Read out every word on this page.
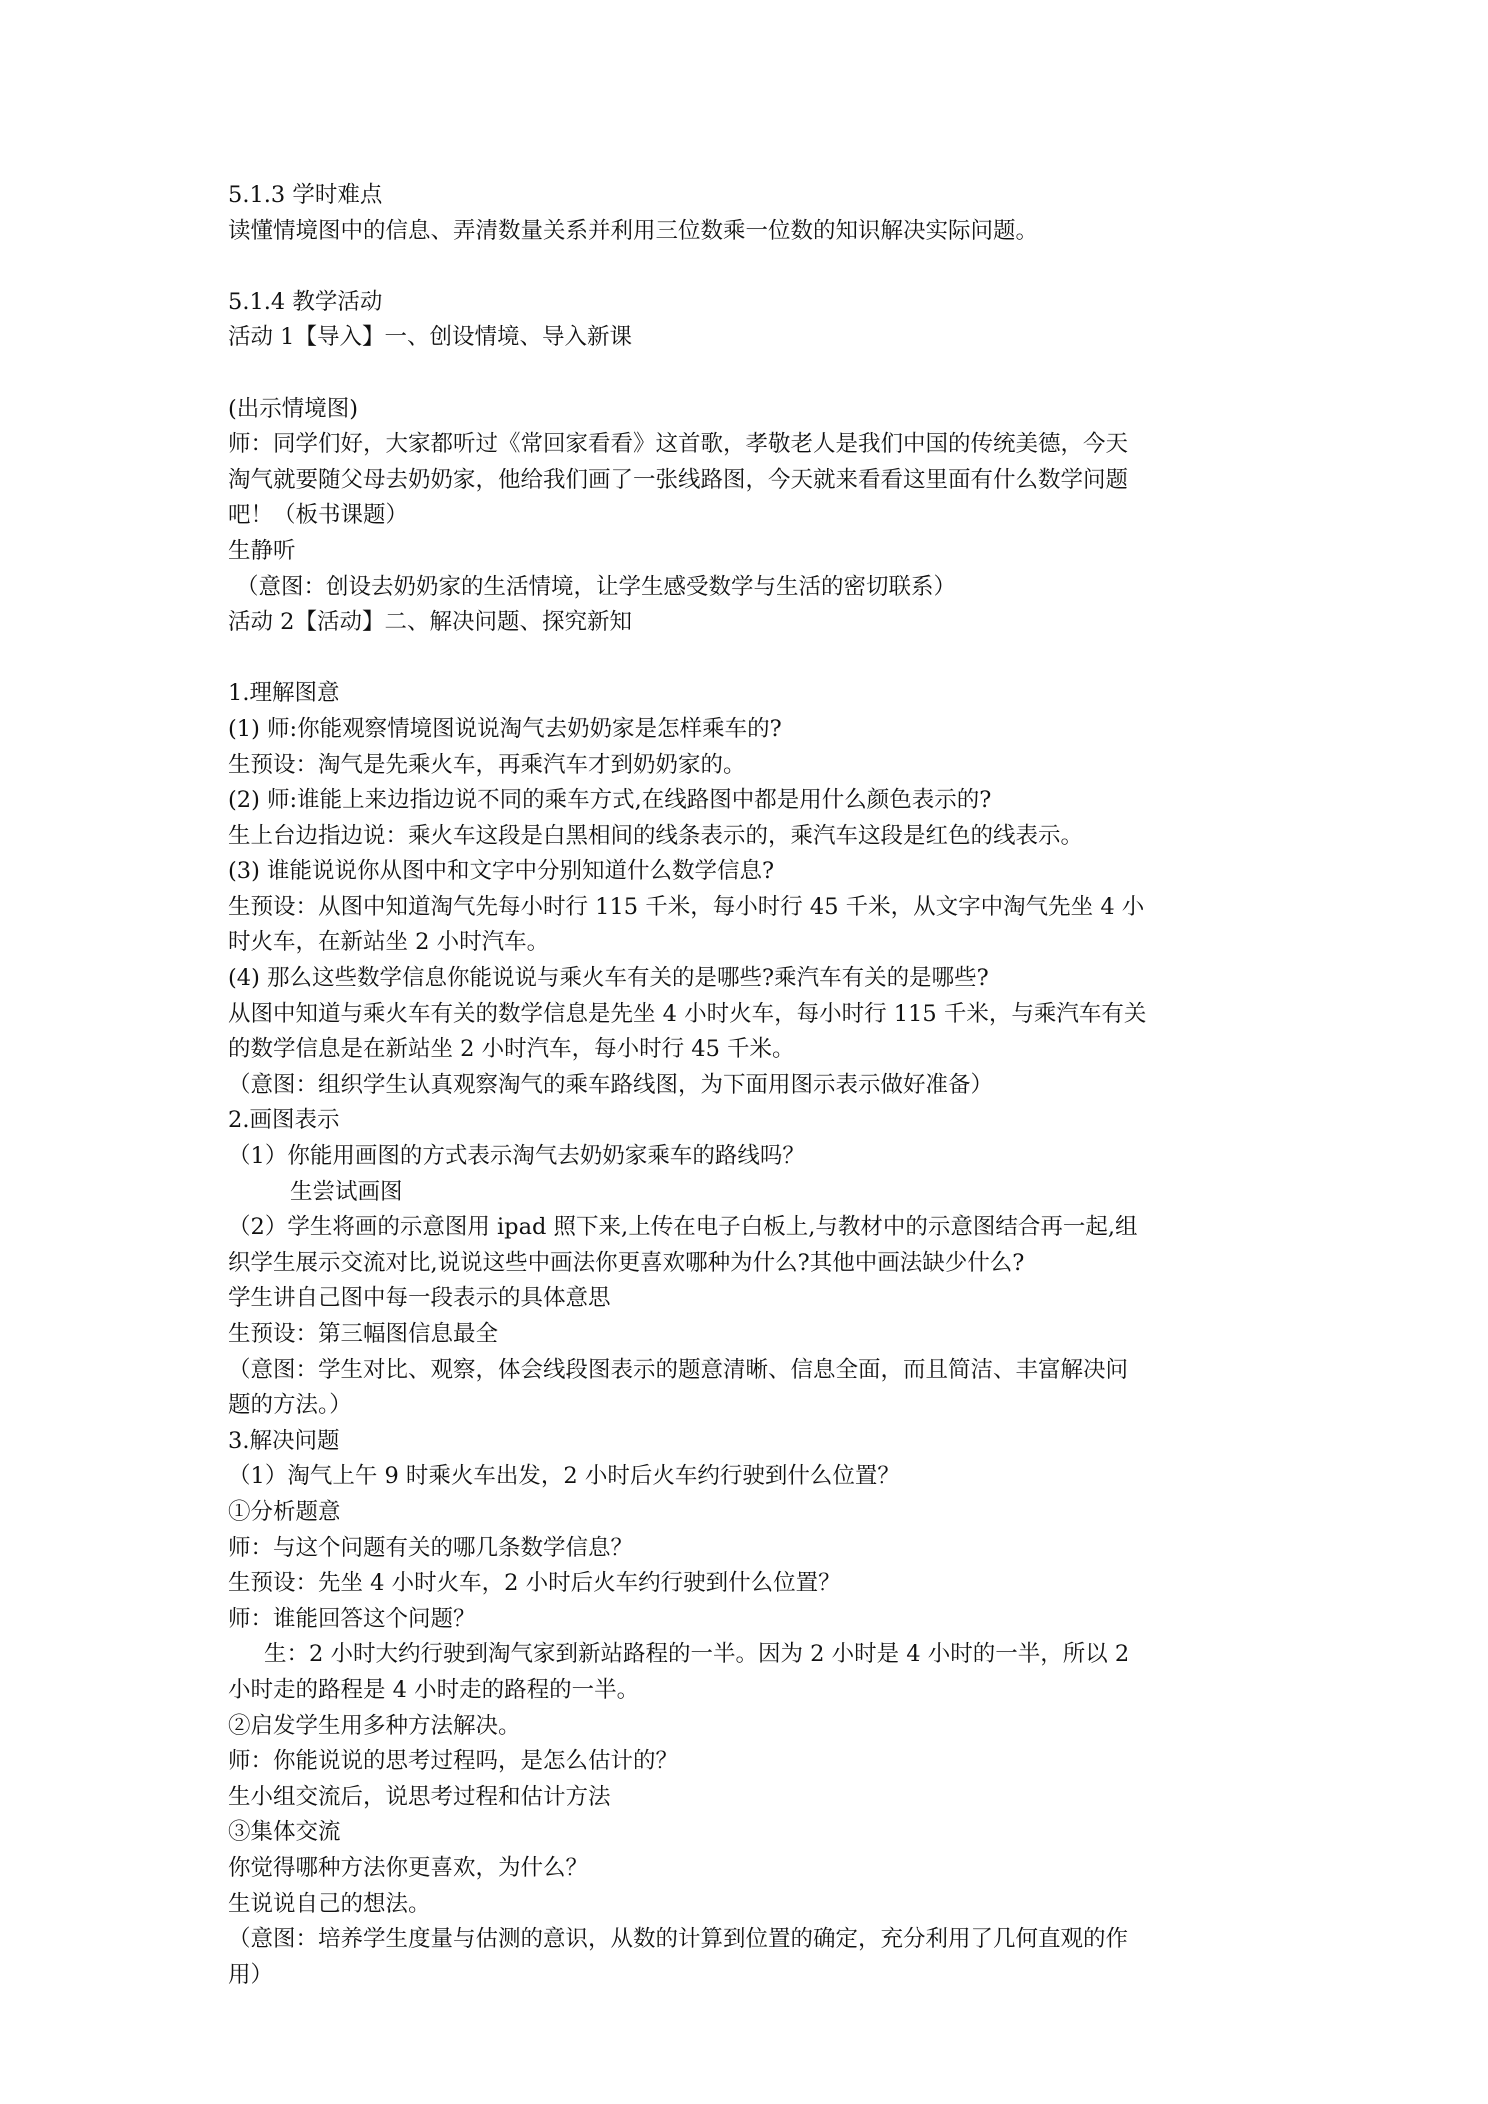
5.1.3 学时难点
读懂情境图中的信息、弄清数量关系并利用三位数乘一位数的知识解决实际问题。
5.1.4 教学活动
活动 1【导入】一、创设情境、导入新课
(出示情境图)
师：同学们好，大家都听过《常回家看看》这首歌，孝敬老人是我们中国的传统美德，今天
淘气就要随父母去奶奶家，他给我们画了一张线路图，今天就来看看这里面有什么数学问题
吧！（板书课题）
生静听
（意图：创设去奶奶家的生活情境，让学生感受数学与生活的密切联系）
活动 2【活动】二、解决问题、探究新知
1.理解图意
(1) 师:你能观察情境图说说淘气去奶奶家是怎样乘车的?
生预设：淘气是先乘火车，再乘汽车才到奶奶家的。
(2) 师:谁能上来边指边说不同的乘车方式,在线路图中都是用什么颜色表示的?
生上台边指边说：乘火车这段是白黑相间的线条表示的，乘汽车这段是红色的线表示。
(3) 谁能说说你从图中和文字中分别知道什么数学信息?
生预设：从图中知道淘气先每小时行 115 千米，每小时行 45 千米，从文字中淘气先坐 4 小
时火车，在新站坐 2 小时汽车。
(4) 那么这些数学信息你能说说与乘火车有关的是哪些?乘汽车有关的是哪些?
从图中知道与乘火车有关的数学信息是先坐 4 小时火车，每小时行 115 千米，与乘汽车有关
的数学信息是在新站坐 2 小时汽车，每小时行 45 千米。
（意图：组织学生认真观察淘气的乘车路线图，为下面用图示表示做好准备）
2.画图表示
（1）你能用画图的方式表示淘气去奶奶家乘车的路线吗？
生尝试画图
（2）学生将画的示意图用 ipad 照下来,上传在电子白板上,与教材中的示意图结合再一起,组
织学生展示交流对比,说说这些中画法你更喜欢哪种为什么?其他中画法缺少什么?
学生讲自己图中每一段表示的具体意思
生预设：第三幅图信息最全
（意图：学生对比、观察，体会线段图表示的题意清晰、信息全面，而且简洁、丰富解决问
题的方法。）
3.解决问题
（1）淘气上午 9 时乘火车出发，2 小时后火车约行驶到什么位置？
①分析题意
师：与这个问题有关的哪几条数学信息？
生预设：先坐 4 小时火车，2 小时后火车约行驶到什么位置？
师：谁能回答这个问题？
生：2 小时大约行驶到淘气家到新站路程的一半。因为 2 小时是 4 小时的一半，所以 2
小时走的路程是 4 小时走的路程的一半。
②启发学生用多种方法解决。
师：你能说说的思考过程吗，是怎么估计的？
生小组交流后，说思考过程和估计方法
③集体交流
你觉得哪种方法你更喜欢，为什么？
生说说自己的想法。
（意图：培养学生度量与估测的意识，从数的计算到位置的确定，充分利用了几何直观的作
用）
